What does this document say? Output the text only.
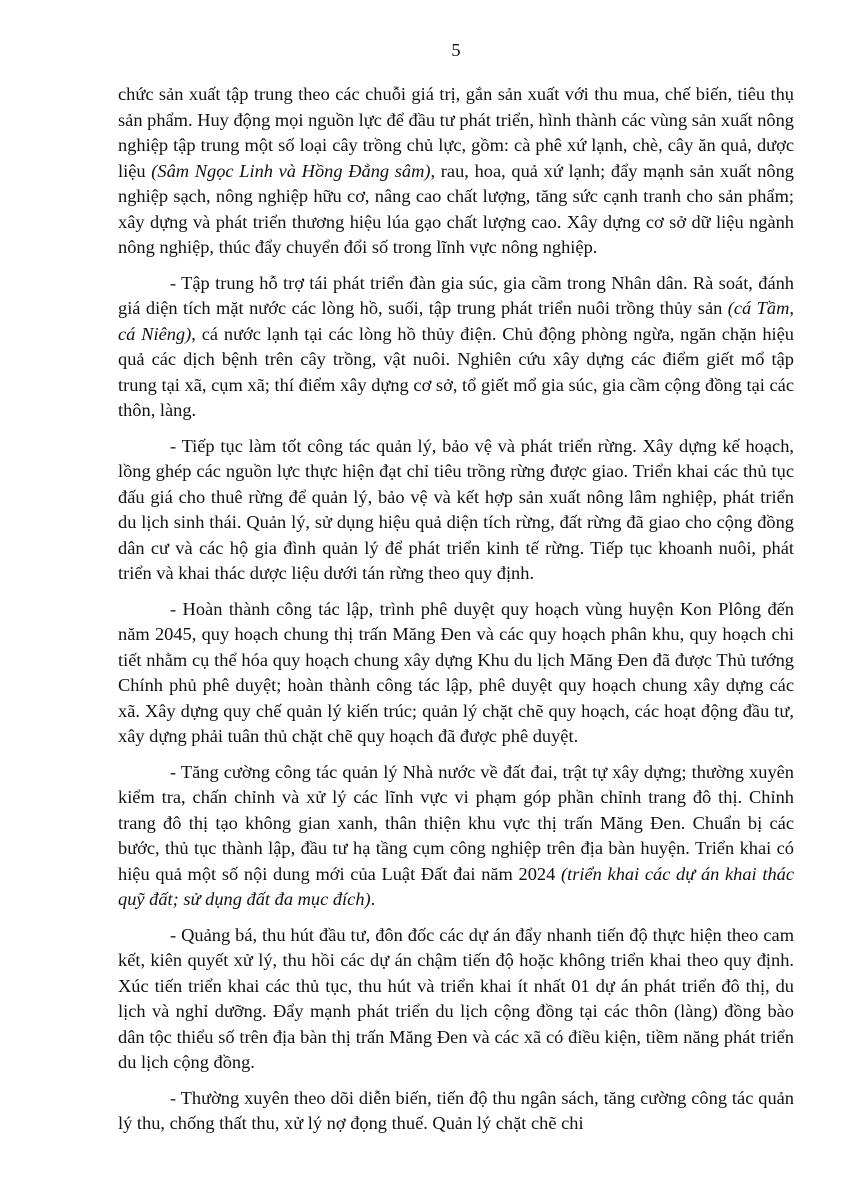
5

chức sản xuất tập trung theo các chuỗi giá trị, gắn sản xuất với thu mua, chế biến, tiêu thụ sản phẩm. Huy động mọi nguồn lực để đầu tư phát triển, hình thành các vùng sản xuất nông nghiệp tập trung một số loại cây trồng chủ lực, gồm: cà phê xứ lạnh, chè, cây ăn quả, dược liệu (Sâm Ngọc Linh và Hồng Đẳng sâm), rau, hoa, quả xứ lạnh; đẩy mạnh sản xuất nông nghiệp sạch, nông nghiệp hữu cơ, nâng cao chất lượng, tăng sức cạnh tranh cho sản phẩm; xây dựng và phát triển thương hiệu lúa gạo chất lượng cao. Xây dựng cơ sở dữ liệu ngành nông nghiệp, thúc đẩy chuyển đổi số trong lĩnh vực nông nghiệp.

- Tập trung hỗ trợ tái phát triển đàn gia súc, gia cầm trong Nhân dân. Rà soát, đánh giá diện tích mặt nước các lòng hồ, suối, tập trung phát triển nuôi trồng thủy sản (cá Tầm, cá Niêng), cá nước lạnh tại các lòng hồ thủy điện. Chủ động phòng ngừa, ngăn chặn hiệu quả các dịch bệnh trên cây trồng, vật nuôi. Nghiên cứu xây dựng các điểm giết mổ tập trung tại xã, cụm xã; thí điểm xây dựng cơ sở, tổ giết mổ gia súc, gia cầm cộng đồng tại các thôn, làng.

- Tiếp tục làm tốt công tác quản lý, bảo vệ và phát triển rừng. Xây dựng kế hoạch, lồng ghép các nguồn lực thực hiện đạt chỉ tiêu trồng rừng được giao. Triển khai các thủ tục đấu giá cho thuê rừng để quản lý, bảo vệ và kết hợp sản xuất nông lâm nghiệp, phát triển du lịch sinh thái. Quản lý, sử dụng hiệu quả diện tích rừng, đất rừng đã giao cho cộng đồng dân cư và các hộ gia đình quản lý để phát triển kinh tế rừng. Tiếp tục khoanh nuôi, phát triển và khai thác dược liệu dưới tán rừng theo quy định.

- Hoàn thành công tác lập, trình phê duyệt quy hoạch vùng huyện Kon Plông đến năm 2045, quy hoạch chung thị trấn Măng Đen và các quy hoạch phân khu, quy hoạch chi tiết nhằm cụ thể hóa quy hoạch chung xây dựng Khu du lịch Măng Đen đã được Thủ tướng Chính phủ phê duyệt; hoàn thành công tác lập, phê duyệt quy hoạch chung xây dựng các xã. Xây dựng quy chế quản lý kiến trúc; quản lý chặt chẽ quy hoạch, các hoạt động đầu tư, xây dựng phải tuân thủ chặt chẽ quy hoạch đã được phê duyệt.

- Tăng cường công tác quản lý Nhà nước về đất đai, trật tự xây dựng; thường xuyên kiểm tra, chấn chỉnh và xử lý các lĩnh vực vi phạm góp phần chỉnh trang đô thị. Chỉnh trang đô thị tạo không gian xanh, thân thiện khu vực thị trấn Măng Đen. Chuẩn bị các bước, thủ tục thành lập, đầu tư hạ tầng cụm công nghiệp trên địa bàn huyện. Triển khai có hiệu quả một số nội dung mới của Luật Đất đai năm 2024 (triển khai các dự án khai thác quỹ đất; sử dụng đất đa mục đích).

- Quảng bá, thu hút đầu tư, đôn đốc các dự án đẩy nhanh tiến độ thực hiện theo cam kết, kiên quyết xử lý, thu hồi các dự án chậm tiến độ hoặc không triển khai theo quy định. Xúc tiến triển khai các thủ tục, thu hút và triển khai ít nhất 01 dự án phát triển đô thị, du lịch và nghỉ dưỡng. Đẩy mạnh phát triển du lịch cộng đồng tại các thôn (làng) đồng bào dân tộc thiểu số trên địa bàn thị trấn Măng Đen và các xã có điều kiện, tiềm năng phát triển du lịch cộng đồng.

- Thường xuyên theo dõi diễn biến, tiến độ thu ngân sách, tăng cường công tác quản lý thu, chống thất thu, xử lý nợ đọng thuế. Quản lý chặt chẽ chi
